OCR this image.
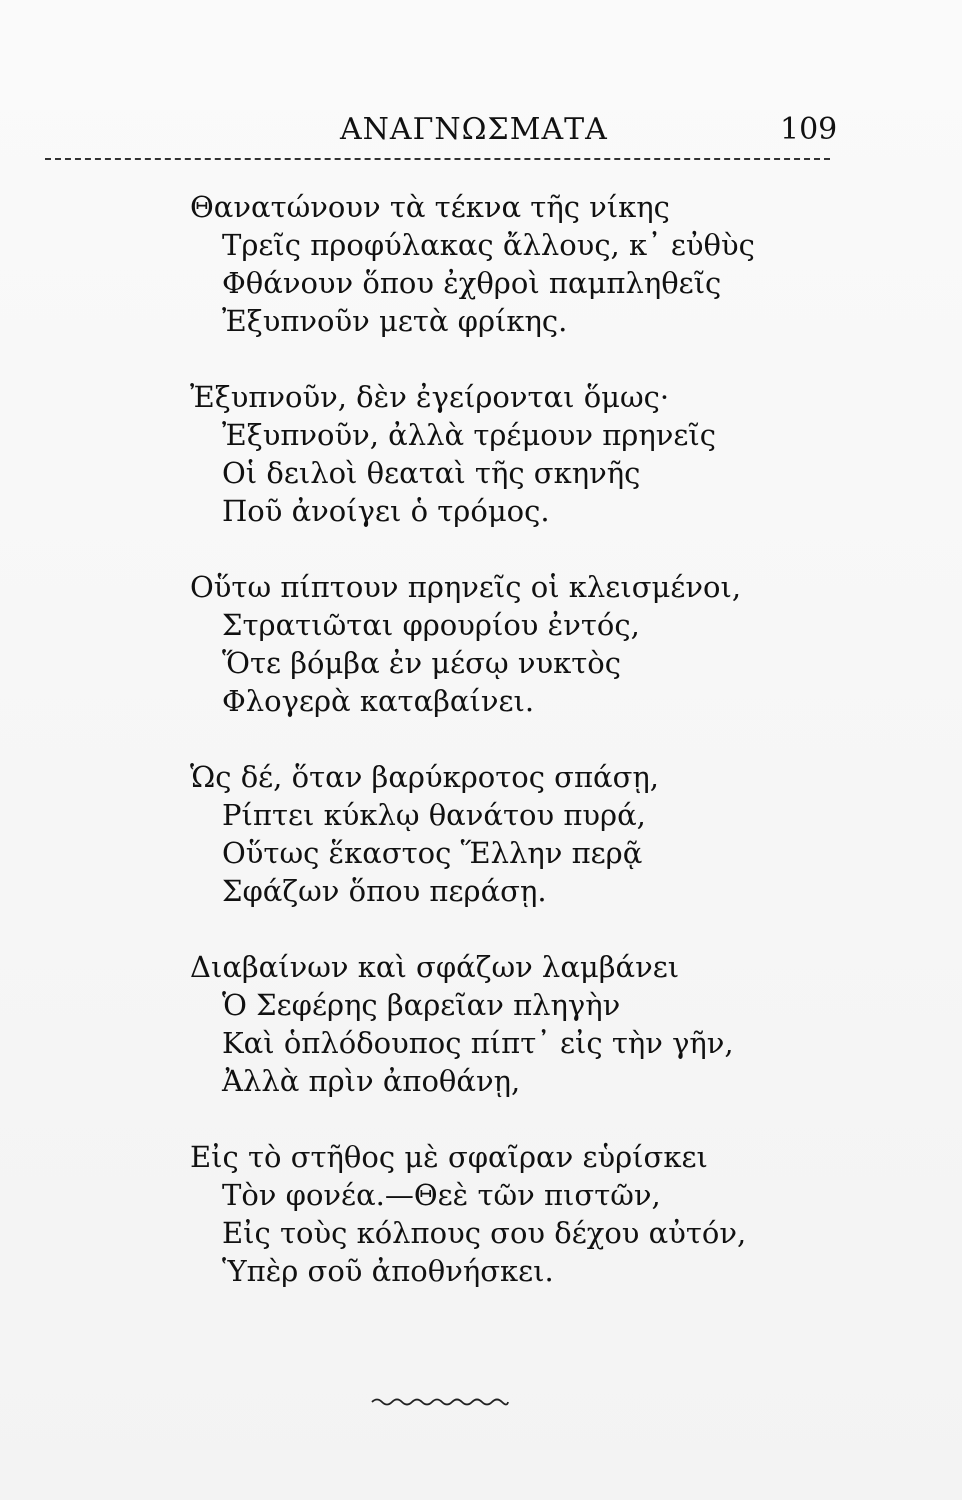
ΑΝΑΓΝΩΣΜΑΤΑ	109
Θανατώνουν τὰ τέκνα τῆς νίκης
Τρεῖς προφύλακας ἄλλους, κ᾽ εὐθὺς
Φθάνουν ὅπου ἐχθροὶ παμπληθεῖς
Ἐξυπνοῦν μετὰ φρίκης.
Ἐξυπνοῦν, δὲν ἐγείρονται ὅμως·
Ἐξυπνοῦν, ἀλλὰ τρέμουν πρηνεῖς
Οἱ δειλοὶ θεαταὶ τῆς σκηνῆς
Ποῦ ἀνοίγει ὁ τρόμος.
Οὕτω πίπτουν πρηνεῖς οἱ κλεισμένοι,
Στρατιῶται φρουρίου ἐντός,
Ὅτε βόμβα ἐν μέσῳ νυκτὸς
Φλογερὰ καταβαίνει.
Ὡς δέ, ὅταν βαρύκροτος σπάσῃ,
Ρίπτει κύκλῳ θανάτου πυρά,
Οὕτως ἕκαστος Ἕλλην περᾷ
Σφάζων ὅπου περάσῃ.
Διαβαίνων καὶ σφάζων λαμβάνει
Ὁ Σεφέρης βαρεῖαν πληγὴν
Καὶ ὁπλόδουπος πίπτ᾽ εἰς τὴν γῆν,
Ἀλλὰ πρὶν ἀποθάνῃ,
Εἰς τὸ στῆθος μὲ σφαῖραν εὑρίσκει
Τὸν φονέα.—Θεὲ τῶν πιστῶν,
Εἰς τοὺς κόλπους σου δέχου αὐτόν,
Ὑπὲρ σοῦ ἀποθνήσκει.
